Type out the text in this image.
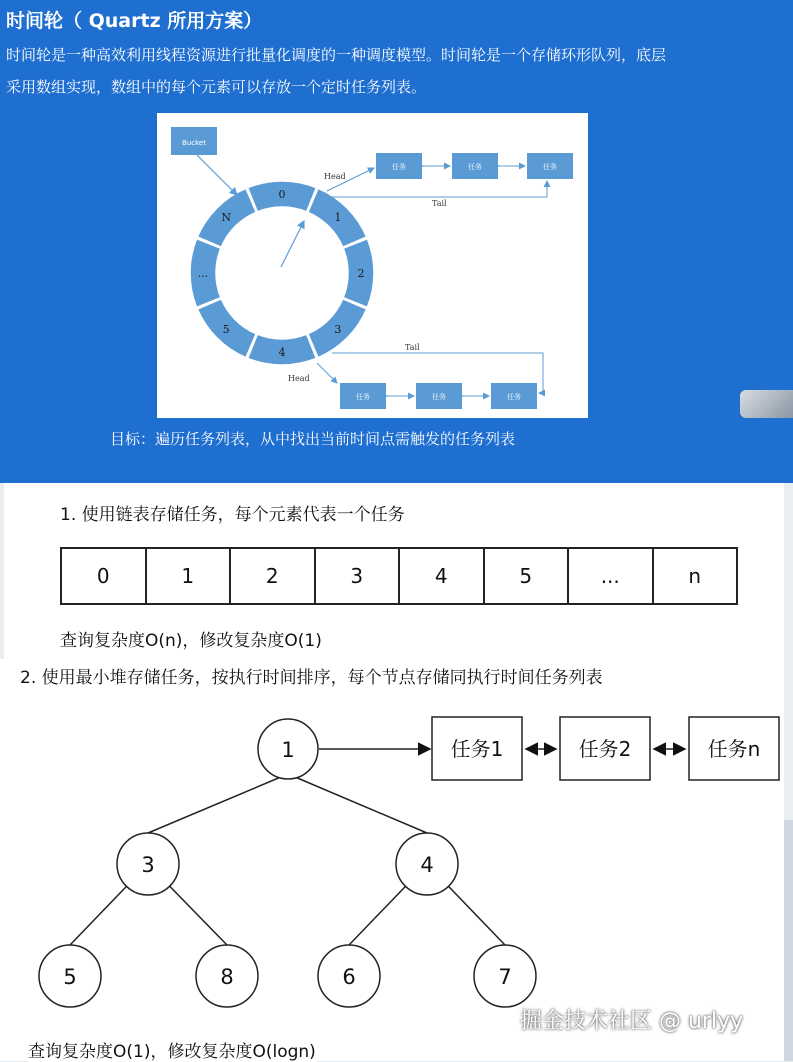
时间轮（ Quartz 所用方案）
时间轮是一种高效利用线程资源进行批量化调度的一种调度模型。时间轮是一个存储环形队列，底层
采用数组实现，数组中的每个元素可以存放一个定时任务列表。
0
1
2
3
4
5
...
N
Bucket
Head
Tail
任务	任务	任务
Tail
Head
任务	任务	任务
目标：遍历任务列表，从中找出当前时间点需触发的任务列表
1. 使用链表存储任务，每个元素代表一个任务
0	1	2	3	4	5	...	n
查询复杂度O(n)，修改复杂度O(1)
2. 使用最小堆存储任务，按执行时间排序，每个节点存储同执行时间任务列表
1
3	4
5	8	6	7
任务1	任务2	任务n
查询复杂度O(1)，修改复杂度O(logn)
掘金技术社区 @ urlyy
